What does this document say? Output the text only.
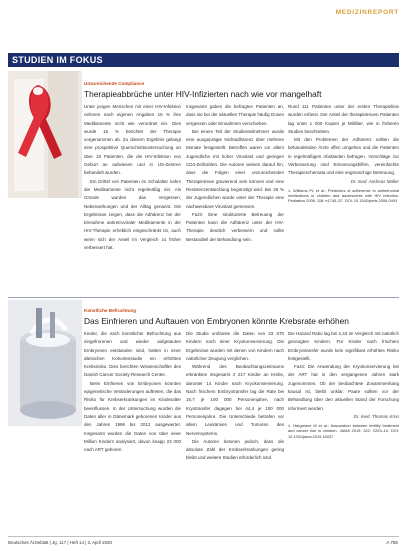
MEDIZINREPORT
STUDIEN IM FOKUS
Unzureichende Compliance
Therapieabbrüche unter HIV-Infizierten nach wie vor mangelhaft
Unter jungen Menschen mit einer HIV-Infektion nehmen nach eigenen Angaben 15 % ihre Medikamente nicht wie verordnet ein. Dies wurde 16 % berichtet der Therapie vorgenommen ab. Zu diesem Ergebnis gelangt eine prospektive Querschnittsuntersuchung an über 15 Patienten, die die HIV-Infektion von Geburt an aufwiesen und in US-Zentren behandelt wurden.
Ein Drittel von Patienten im Schulalter nahm die Medikamente nicht regelmäßig ein. Als Gründe wurden das Vergessen, Nebenwirkungen und der Alltag genannt. Die Ergebnisse zeigen, dass die Adhärenz bei der Einnahme antiretroviraler Medikamente in der HIV-Therapie erheblich eingeschränkt ist, auch wenn sich der Anteil im Vergleich zu früher verbessert hat.
Insgesamt gaben die befragten Patienten an, dass sie bei der aktuellen Therapie häufig Dosen vergessen oder Einnahmen verschieben.
Bei einem Teil der Studienteilnehmer wurde eine ausgeprägte Nichtadhärenz über mehrere Monate festgestellt. Betroffen waren vor allem Jugendliche mit hoher Viruslast und geringen CD4-Zellzahlen. Die Autoren weisen darauf hin, dass die Folgen einer unzureichenden Therapietreue gravierend sein können und eine Resistenzentwicklung begünstigt wird. Bei 26 % der Jugendlichen wurde unter der Therapie eine nachweisbare Viruslast gemessen.
Fazit: Eine strukturierte Betreuung der Patienten kann die Adhärenz unter der HIV-Therapie deutlich verbessern und sollte Bestandteil der Behandlung sein.
Rund 111 Patienten unter der ersten Therapielinie wurden erfasst. Der Anteil der therapietreuen Patienten lag unter 1 000 Kopien je Milliliter, wie in früheren Studien beschrieben.
Mit den Problemen der Adhärenz sollten die behandelnden Ärzte offen umgehen und die Patienten in regelmäßigen Abständen befragen. Vorschläge zur Verbesserung sind Erinnerungshilfen, vereinfachte Therapieschemata und eine engmaschige Betreuung.
Dr. med. Andreas Müller
1. Williams PL et al.: Predictors of adherence to antiretroviral medications in children and adolescents with HIV infection. Pediatrics 2006; 118: e1745–57. DOI: 10.1542/peds.2006-0493
Künstliche Befruchtung
Das Einfrieren und Auftauen von Embryonen könnte Krebsrate erhöhen
Kinder, die nach künstlicher Befruchtung aus eingefrorenen und wieder aufgetauten Embryonen entstanden sind, hatten in einer dänischen Kohortenstudie ein erhöhtes Krebsrisiko. Dies berichten Wissenschaftler des Danish Cancer Society Research Center.
Beim Einfrieren von Embryonen könnten epigenetische Veränderungen auftreten, die das Risiko für Krebserkrankungen im Kindesalter beeinflussen. In der Untersuchung wurden die Daten aller in Dänemark geborenen Kinder aus den Jahren 1996 bis 2012 ausgewertet. Insgesamt wurden die Daten von über einer Million Kindern analysiert, davon knapp 23 000 nach ART geboren.
Die Studie umfasste die Daten von 33 070 Kindern nach einer Kryokonservierung. Die Ergebnisse wurden mit denen von Kindern nach natürlicher Zeugung verglichen.
Während des Beobachtungszeitraums erkrankten insgesamt 2 217 Kinder an Krebs, darunter 14 Kinder nach Kryokonservierung. Nach frischem Embryotransfer lag die Rate bei 16,7 je 100 000 Personenjahre, nach Kryotransfer dagegen bei 44,4 je 100 000 Personenjahre. Die Unterschiede betrafen vor allem Leukämien und Tumoren des Nervensystems.
Die Autoren betonen jedoch, dass die absolute Zahl der Krebserkrankungen gering bleibt und weitere Studien erforderlich sind.
Die Hazard Ratio lag bei 2,43 im Vergleich mit natürlich gezeugten Kindern. Für Kinder nach frischem Embryotransfer wurde kein signifikant erhöhtes Risiko festgestellt.
Fazit: Die Anwendung der Kryokonservierung bei der ART hat in den vergangenen Jahren stark zugenommen. Ob der beobachtete Zusammenhang kausal ist, bleibt unklar. Paare sollten vor der Behandlung über den aktuellen Stand der Forschung informiert werden.
Dr. med. Thomas Kron
1. Hargreave M et al.: Association between fertility treatment and cancer risk in children. JAMA 2019; 322: 2203–10. DOI: 10.1001/jama.2019.18037
Deutsches Ärzteblatt | Jg. 117 | Heft 14 | 3. April 2020	A 755
